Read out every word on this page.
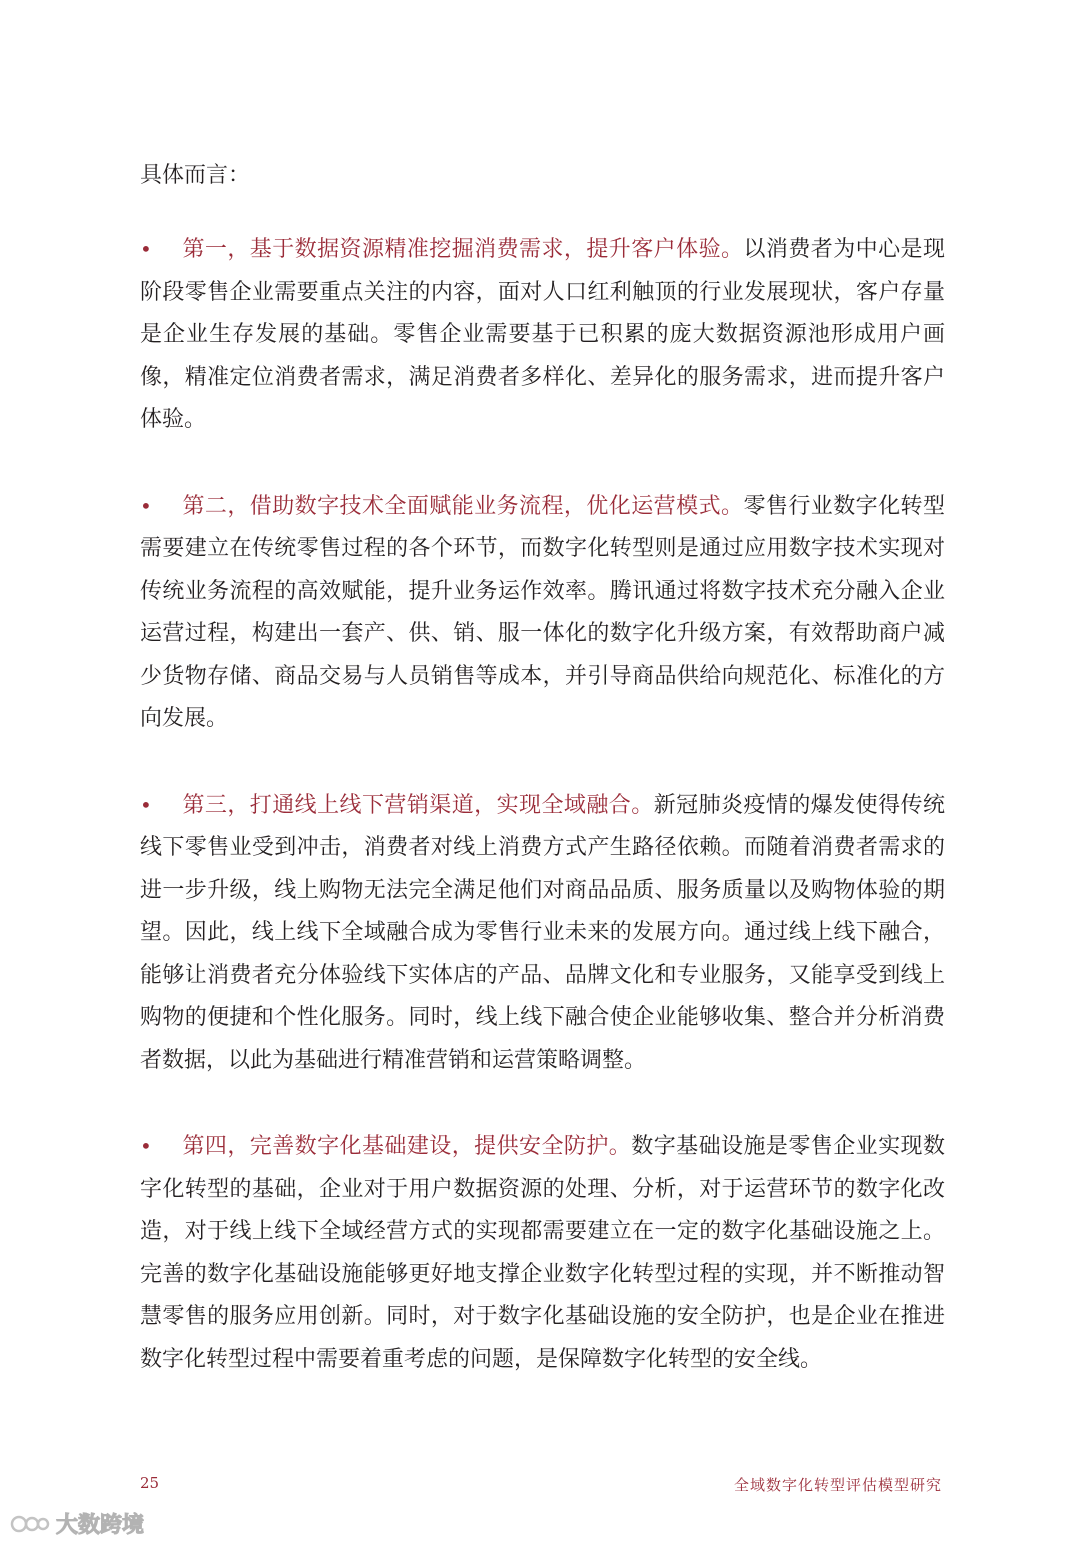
具体而言：

• 第一，基于数据资源精准挖掘消费需求，提升客户体验。以消费者为中心是现阶段零售企业需要重点关注的内容，面对人口红利触顶的行业发展现状，客户存量是企业生存发展的基础。零售企业需要基于已积累的庞大数据资源池形成用户画像，精准定位消费者需求，满足消费者多样化、差异化的服务需求，进而提升客户体验。

• 第二，借助数字技术全面赋能业务流程，优化运营模式。零售行业数字化转型需要建立在传统零售过程的各个环节，而数字化转型则是通过应用数字技术实现对传统业务流程的高效赋能，提升业务运作效率。腾讯通过将数字技术充分融入企业运营过程，构建出一套产、供、销、服一体化的数字化升级方案，有效帮助商户减少货物存储、商品交易与人员销售等成本，并引导商品供给向规范化、标准化的方向发展。

• 第三，打通线上线下营销渠道，实现全域融合。新冠肺炎疫情的爆发使得传统线下零售业受到冲击，消费者对线上消费方式产生路径依赖。而随着消费者需求的进一步升级，线上购物无法完全满足他们对商品品质、服务质量以及购物体验的期望。因此，线上线下全域融合成为零售行业未来的发展方向。通过线上线下融合，能够让消费者充分体验线下实体店的产品、品牌文化和专业服务，又能享受到线上购物的便捷和个性化服务。同时，线上线下融合使企业能够收集、整合并分析消费者数据，以此为基础进行精准营销和运营策略调整。

• 第四，完善数字化基础建设，提供安全防护。数字基础设施是零售企业实现数字化转型的基础，企业对于用户数据资源的处理、分析，对于运营环节的数字化改造，对于线上线下全域经营方式的实现都需要建立在一定的数字化基础设施之上。完善的数字化基础设施能够更好地支撑企业数字化转型过程的实现，并不断推动智慧零售的服务应用创新。同时，对于数字化基础设施的安全防护，也是企业在推进数字化转型过程中需要着重考虑的问题，是保障数字化转型的安全线。

25	全域数字化转型评估模型研究
大数跨境
